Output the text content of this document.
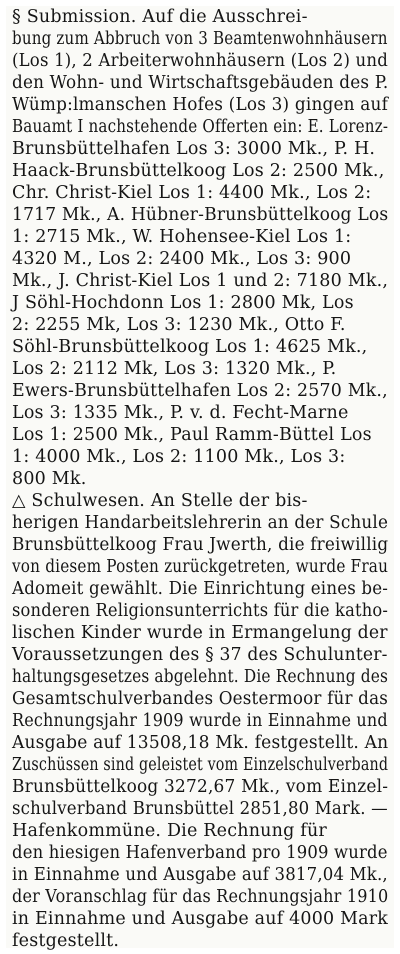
§ Submission. Auf die Ausschrei-
bung zum Abbruch von 3 Beamtenwohnhäusern
(Los 1), 2 Arbeiterwohnhäusern (Los 2) und
den Wohn- und Wirtschaftsgebäuden des P.
Wümp:lmanschen Hofes (Los 3) gingen auf
Bauamt I nachstehende Offerten ein: E. Lorenz-
Brunsbüttelhafen Los 3: 3000 Mk., P. H.
Haack-Brunsbüttelkoog Los 2: 2500 Mk.,
Chr. Christ-Kiel Los 1: 4400 Mk., Los 2:
1717 Mk., A. Hübner-Brunsbüttelkoog Los
1: 2715 Mk., W. Hohensee-Kiel Los 1:
4320 M., Los 2: 2400 Mk., Los 3: 900
Mk., J. Christ-Kiel Los 1 und 2: 7180 Mk.,
J Söhl-Hochdonn Los 1: 2800 Mk, Los
2: 2255 Mk, Los 3: 1230 Mk., Otto F.
Söhl-Brunsbüttelkoog Los 1: 4625 Mk.,
Los 2: 2112 Mk, Los 3: 1320 Mk., P.
Ewers-Brunsbüttelhafen Los 2: 2570 Mk.,
Los 3: 1335 Mk., P. v. d. Fecht-Marne
Los 1: 2500 Mk., Paul Ramm-Büttel Los
1: 4000 Mk., Los 2: 1100 Mk., Los 3:
800 Mk.
△ Schulwesen. An Stelle der bis-
herigen Handarbeitslehrerin an der Schule
Brunsbüttelkoog Frau Jwerth, die freiwillig
von diesem Posten zurückgetreten, wurde Frau
Adomeit gewählt. Die Einrichtung eines be-
sonderen Religionsunterrichts für die katho-
lischen Kinder wurde in Ermangelung der
Voraussetzungen des § 37 des Schulunter-
haltungsgesetzes abgelehnt. Die Rechnung des
Gesamtschulverbandes Oestermoor für das
Rechnungsjahr 1909 wurde in Einnahme und
Ausgabe auf 13508,18 Mk. festgestellt. An
Zuschüssen sind geleistet vom Einzelschulverband
Brunsbüttelkoog 3272,67 Mk., vom Einzel-
schulverband Brunsbüttel 2851,80 Mark. —
Hafenkommüne. Die Rechnung für
den hiesigen Hafenverband pro 1909 wurde
in Einnahme und Ausgabe auf 3817,04 Mk.,
der Voranschlag für das Rechnungsjahr 1910
in Einnahme und Ausgabe auf 4000 Mark
festgestellt.
